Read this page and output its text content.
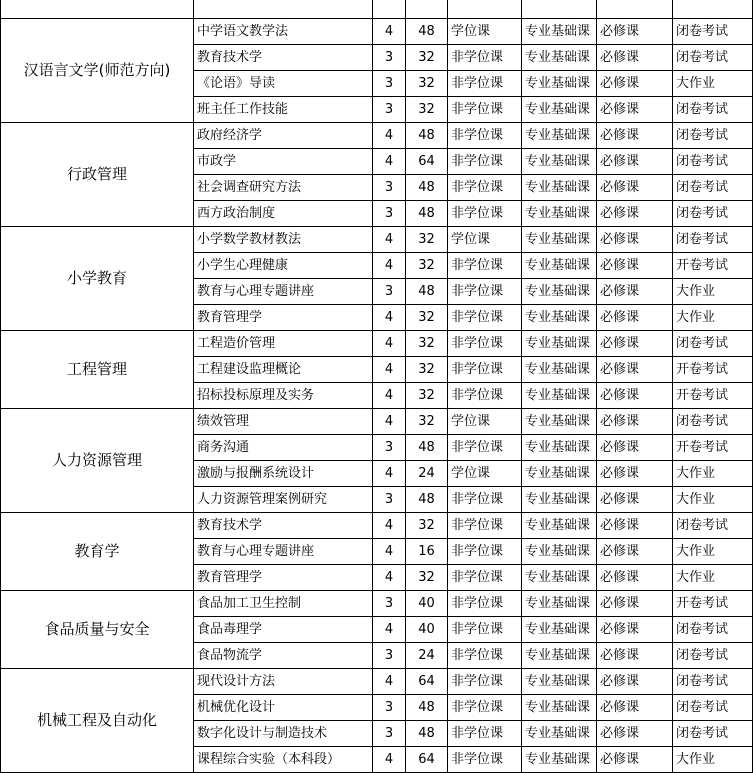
汉语言文学(师范方向)	中学语文教学法	4	48	学位课	专业基础课	必修课	闭卷考试
	教育技术学	3	32	非学位课	专业基础课	必修课	闭卷考试
	《论语》导读	3	32	非学位课	专业基础课	必修课	大作业
	班主任工作技能	3	32	非学位课	专业基础课	必修课	闭卷考试
行政管理	政府经济学	4	48	非学位课	专业基础课	必修课	闭卷考试
	市政学	4	64	非学位课	专业基础课	必修课	闭卷考试
	社会调查研究方法	3	48	非学位课	专业基础课	必修课	闭卷考试
	西方政治制度	3	48	非学位课	专业基础课	必修课	闭卷考试
小学教育	小学数学教材教法	4	32	学位课	专业基础课	必修课	闭卷考试
	小学生心理健康	4	32	非学位课	专业基础课	必修课	开卷考试
	教育与心理专题讲座	3	48	非学位课	专业基础课	必修课	大作业
	教育管理学	4	32	非学位课	专业基础课	必修课	大作业
工程管理	工程造价管理	4	32	非学位课	专业基础课	必修课	闭卷考试
	工程建设监理概论	4	32	非学位课	专业基础课	必修课	开卷考试
	招标投标原理及实务	4	32	非学位课	专业基础课	必修课	开卷考试
人力资源管理	绩效管理	4	32	学位课	专业基础课	必修课	闭卷考试
	商务沟通	3	48	非学位课	专业基础课	必修课	开卷考试
	激励与报酬系统设计	4	24	学位课	专业基础课	必修课	大作业
	人力资源管理案例研究	3	48	非学位课	专业基础课	必修课	大作业
教育学	教育技术学	4	32	非学位课	专业基础课	必修课	闭卷考试
	教育与心理专题讲座	4	16	非学位课	专业基础课	必修课	大作业
	教育管理学	4	32	非学位课	专业基础课	必修课	大作业
食品质量与安全	食品加工卫生控制	3	40	非学位课	专业基础课	必修课	开卷考试
	食品毒理学	4	40	非学位课	专业基础课	必修课	闭卷考试
	食品物流学	3	24	非学位课	专业基础课	必修课	闭卷考试
机械工程及自动化	现代设计方法	4	64	非学位课	专业基础课	必修课	闭卷考试
	机械优化设计	3	48	非学位课	专业基础课	必修课	闭卷考试
	数字化设计与制造技术	3	48	非学位课	专业基础课	必修课	闭卷考试
	课程综合实验（本科段）	4	64	非学位课	专业基础课	必修课	大作业
